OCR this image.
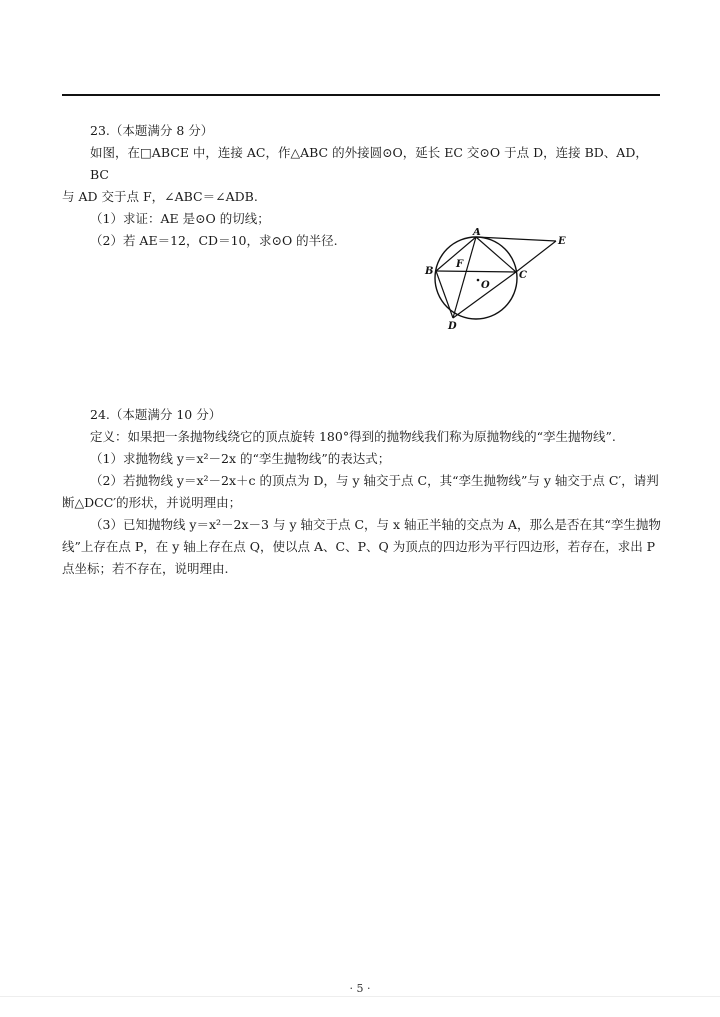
23.（本题满分 8 分）

如图，在□ABCE 中，连接 AC，作△ABC 的外接圆⊙O，延长 EC 交⊙O 于点 D，连接 BD、AD，BC

与 AD 交于点 F，∠ABC＝∠ADB.

（1）求证：AE 是⊙O 的切线；

（2）若 AE＝12，CD＝10，求⊙O 的半径.

A
B	C
D
E
F
O

24.（本题满分 10 分）

定义：如果把一条抛物线绕它的顶点旋转 180°得到的抛物线我们称为原抛物线的“孪生抛物线”.

（1）求抛物线 y＝x²－2x 的“孪生抛物线”的表达式；

（2）若抛物线 y＝x²－2x＋c 的顶点为 D，与 y 轴交于点 C，其“孪生抛物线”与 y 轴交于点 C′，请判

断△DCC′的形状，并说明理由；

（3）已知抛物线 y＝x²－2x－3 与 y 轴交于点 C，与 x 轴正半轴的交点为 A，那么是否在其“孪生抛物

线”上存在点 P，在 y 轴上存在点 Q，使以点 A、C、P、Q 为顶点的四边形为平行四边形，若存在，求出 P

点坐标；若不存在，说明理由.

· 5 ·
